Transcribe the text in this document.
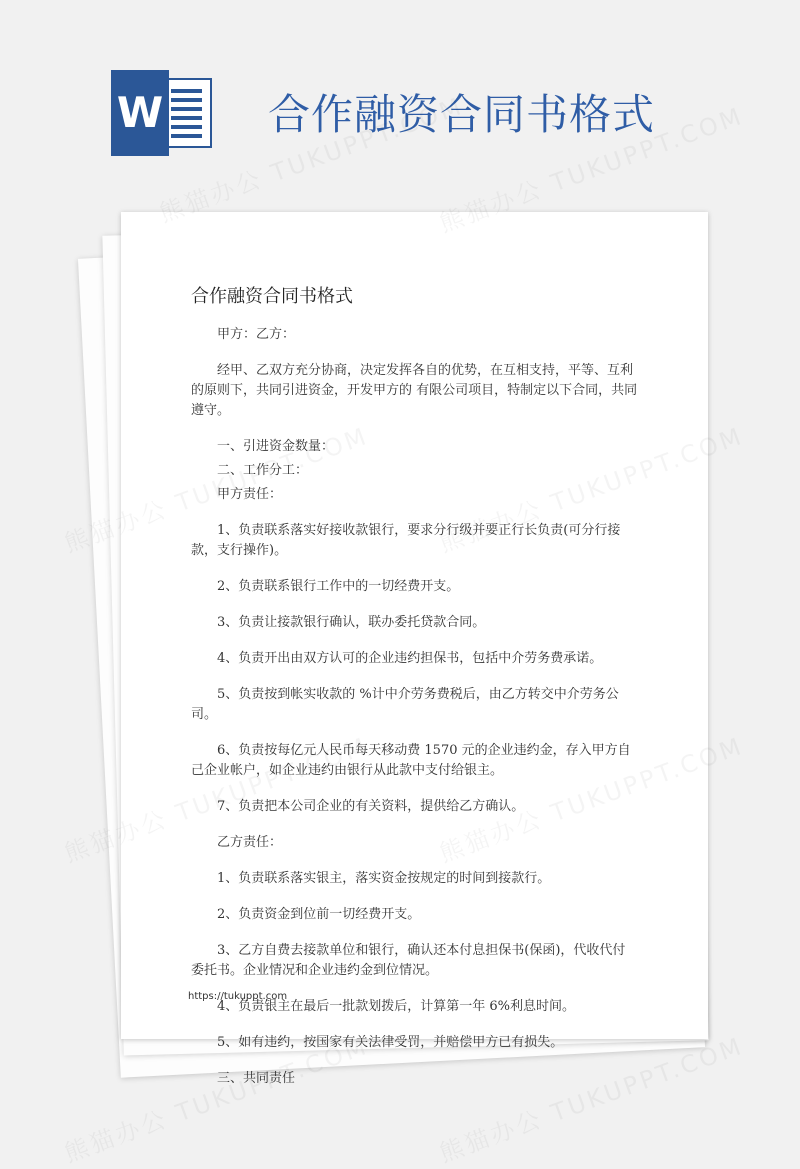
W 合作融资合同书格式
合作融资合同书格式

甲方：乙方：

经甲、乙双方充分协商，决定发挥各自的优势，在互相支持，平等、互利的原则下，共同引进资金，开发甲方的 有限公司项目，特制定以下合同，共同遵守。

一、引进资金数量：

二、工作分工：

甲方责任：

1、负责联系落实好接收款银行，要求分行级并要正行长负责(可分行接款，支行操作)。

2、负责联系银行工作中的一切经费开支。

3、负责让接款银行确认，联办委托贷款合同。

4、负责开出由双方认可的企业违约担保书，包括中介劳务费承诺。

5、负责按到帐实收款的 %计中介劳务费税后，由乙方转交中介劳务公司。

6、负责按每亿元人民币每天移动费 1570 元的企业违约金，存入甲方自己企业帐户，如企业违约由银行从此款中支付给银主。

7、负责把本公司企业的有关资料，提供给乙方确认。

乙方责任：

1、负责联系落实银主，落实资金按规定的时间到接款行。

2、负责资金到位前一切经费开支。

3、乙方自费去接款单位和银行，确认还本付息担保书(保函)，代收代付委托书。企业情况和企业违约金到位情况。

4、负责银主在最后一批款划拨后，计算第一年 6%利息时间。

5、如有违约，按国家有关法律受罚，并赔偿甲方已有损失。

三、共同责任

https://tukuppt.com
